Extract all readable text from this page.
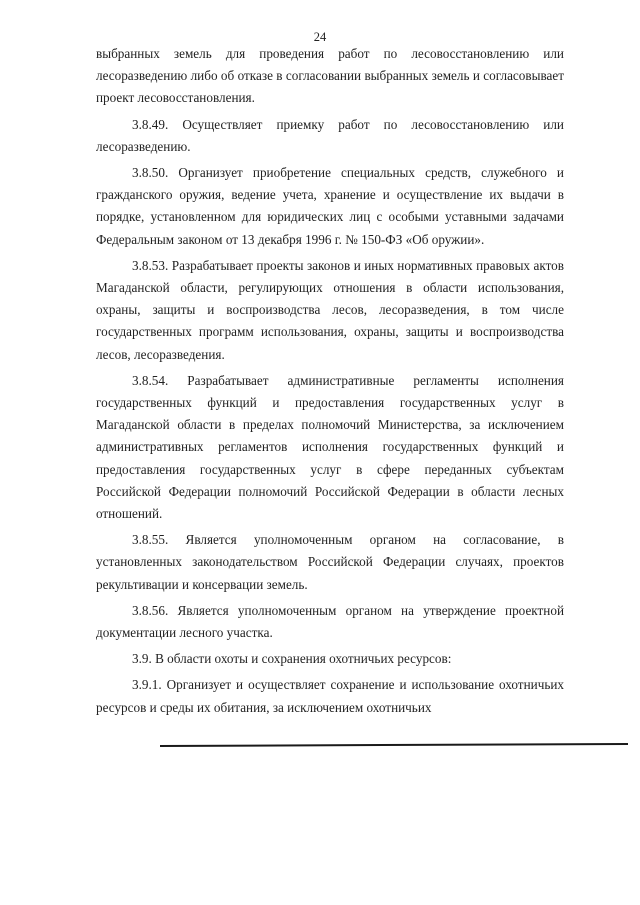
24

выбранных земель для проведения работ по лесовосстановлению или лесоразведению либо об отказе в согласовании выбранных земель и согласовывает проект лесовосстановления.

3.8.49. Осуществляет приемку работ по лесовосстановлению или лесоразведению.

3.8.50. Организует приобретение специальных средств, служебного и гражданского оружия, ведение учета, хранение и осуществление их выдачи в порядке, установленном для юридических лиц с особыми уставными задачами Федеральным законом от 13 декабря 1996 г. № 150-ФЗ «Об оружии».

3.8.53. Разрабатывает проекты законов и иных нормативных правовых актов Магаданской области, регулирующих отношения в области использования, охраны, защиты и воспроизводства лесов, лесоразведения, в том числе государственных программ использования, охраны, защиты и воспроизводства лесов, лесоразведения.

3.8.54. Разрабатывает административные регламенты исполнения государственных функций и предоставления государственных услуг в Магаданской области в пределах полномочий Министерства, за исключением административных регламентов исполнения государственных функций и предоставления государственных услуг в сфере переданных субъектам Российской Федерации полномочий Российской Федерации в области лесных отношений.

3.8.55. Является уполномоченным органом на согласование, в установленных законодательством Российской Федерации случаях, проектов рекультивации и консервации земель.

3.8.56. Является уполномоченным органом на утверждение проектной документации лесного участка.

3.9. В области охоты и сохранения охотничьих ресурсов:

3.9.1. Организует и осуществляет сохранение и использование охотничьих ресурсов и среды их обитания, за исключением охотничьих
